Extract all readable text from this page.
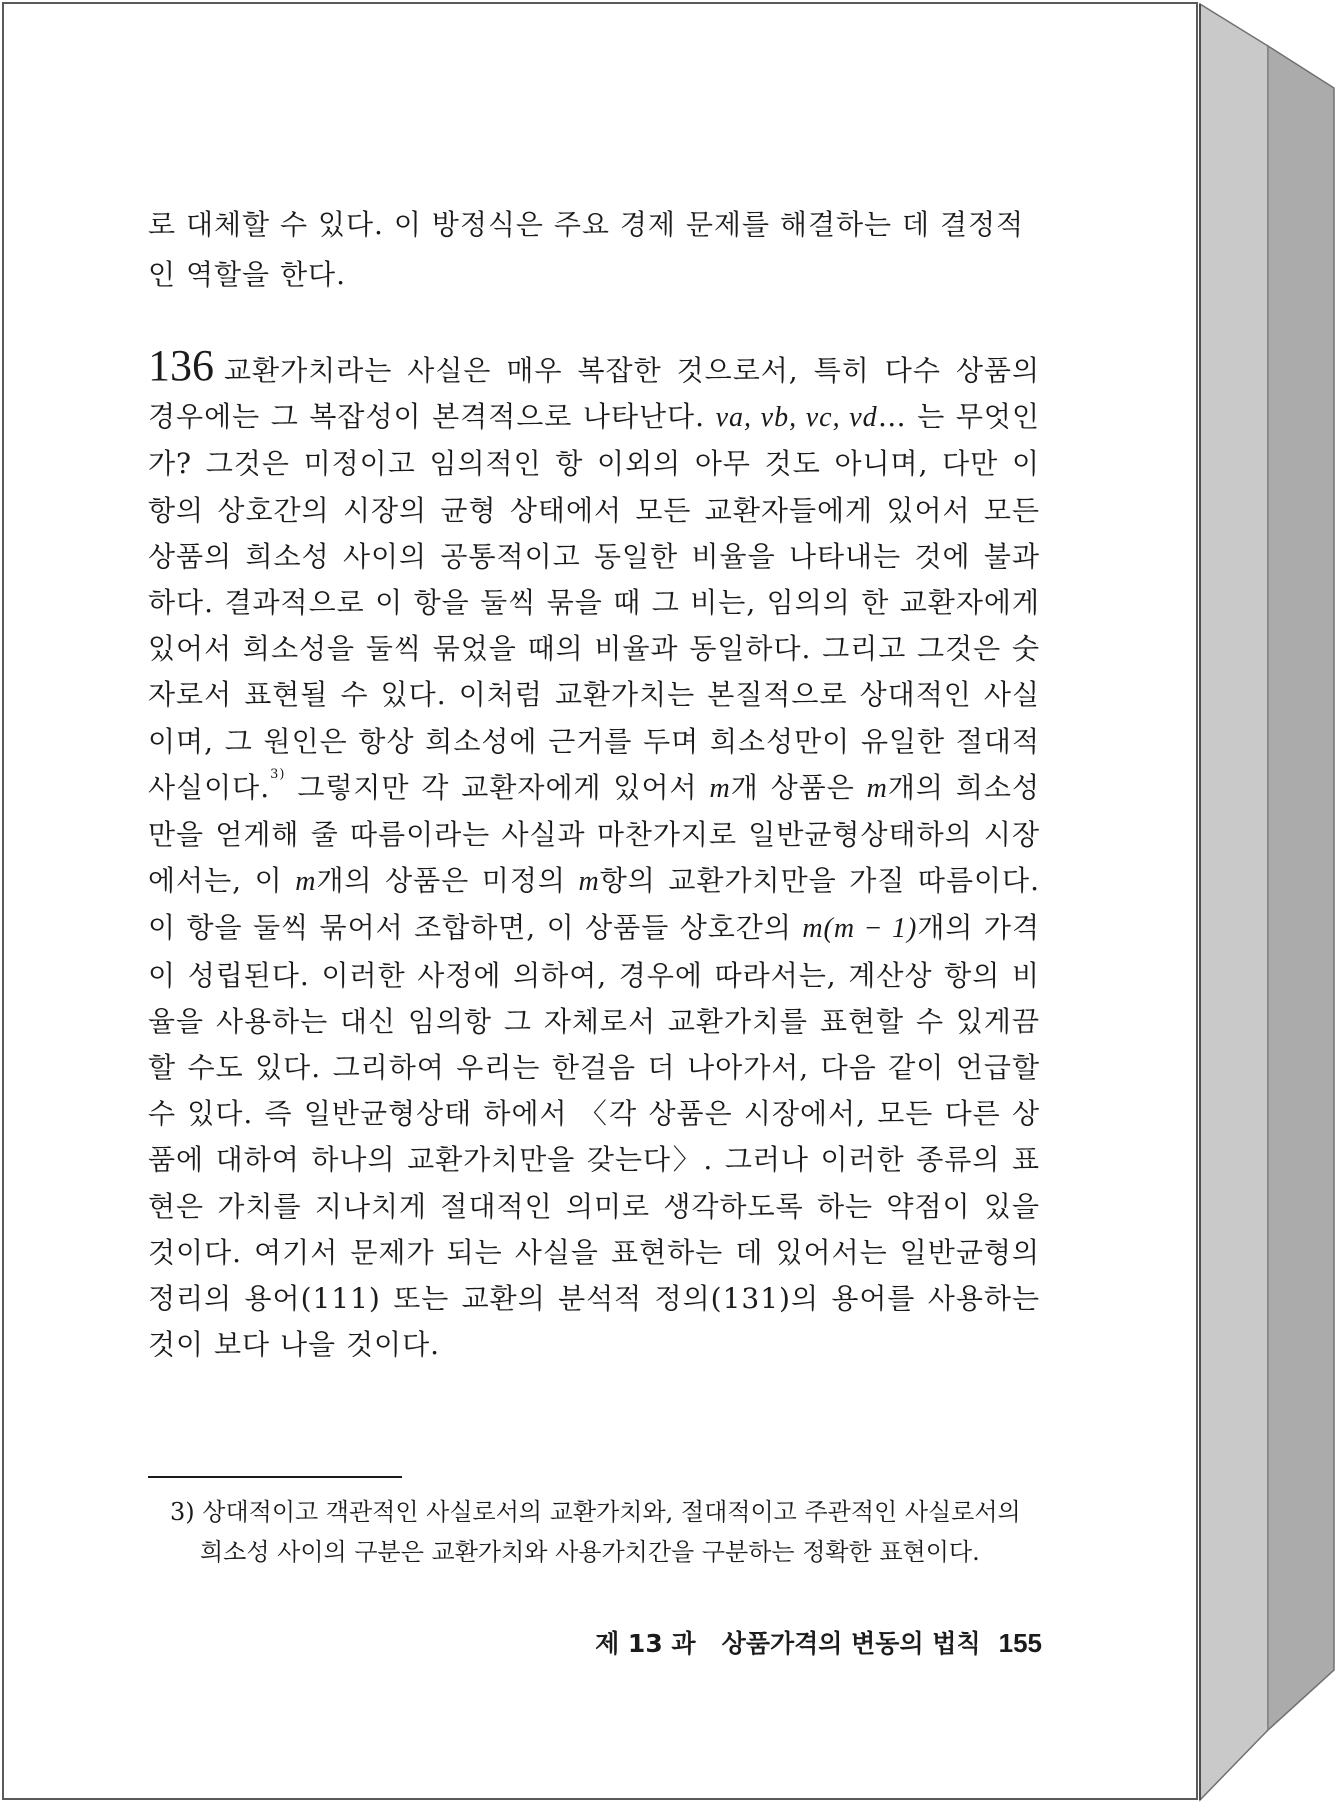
로 대체할 수 있다. 이 방정식은 주요 경제 문제를 해결하는 데 결정적인 역할을 한다.
136 교환가치라는 사실은 매우 복잡한 것으로서, 특히 다수 상품의 경우에는 그 복잡성이 본격적으로 나타난다. va, vb, vc, vd… 는 무엇인가? 그것은 미정이고 임의적인 항 이외의 아무 것도 아니며, 다만 이 항의 상호간의 시장의 균형 상태에서 모든 교환자들에게 있어서 모든 상품의 희소성 사이의 공통적이고 동일한 비율을 나타내는 것에 불과하다. 결과적으로 이 항을 둘씩 묶을 때 그 비는, 임의의 한 교환자에게 있어서 희소성을 둘씩 묶었을 때의 비율과 동일하다. 그리고 그것은 숫자로서 표현될 수 있다. 이처럼 교환가치는 본질적으로 상대적인 사실이며, 그 원인은 항상 희소성에 근거를 두며 희소성만이 유일한 절대적 사실이다.$^{3)}$ 그렇지만 각 교환자에게 있어서 m개 상품은 m개의 희소성만을 얻게해 줄 따름이라는 사실과 마찬가지로 일반균형상태하의 시장에서는, 이 m개의 상품은 미정의 m항의 교환가치만을 가질 따름이다. 이 항을 둘씩 묶어서 조합하면, 이 상품들 상호간의 m(m − 1)개의 가격이 성립된다. 이러한 사정에 의하여, 경우에 따라서는, 계산상 항의 비율을 사용하는 대신 임의항 그 자체로서 교환가치를 표현할 수 있게끔 할 수도 있다. 그리하여 우리는 한걸음 더 나아가서, 다음 같이 언급할 수 있다. 즉 일반균형상태 하에서 〈각 상품은 시장에서, 모든 다른 상품에 대하여 하나의 교환가치만을 갖는다〉. 그러나 이러한 종류의 표현은 가치를 지나치게 절대적인 의미로 생각하도록 하는 약점이 있을 것이다. 여기서 문제가 되는 사실을 표현하는 데 있어서는 일반균형의 정리의 용어(111) 또는 교환의 분석적 정의(131)의 용어를 사용하는 것이 보다 나을 것이다.
3) 상대적이고 객관적인 사실로서의 교환가치와, 절대적이고 주관적인 사실로서의 희소성 사이의 구분은 교환가치와 사용가치간을 구분하는 정확한 표현이다.
제 13 과   상품가격의 변동의 법칙 155
